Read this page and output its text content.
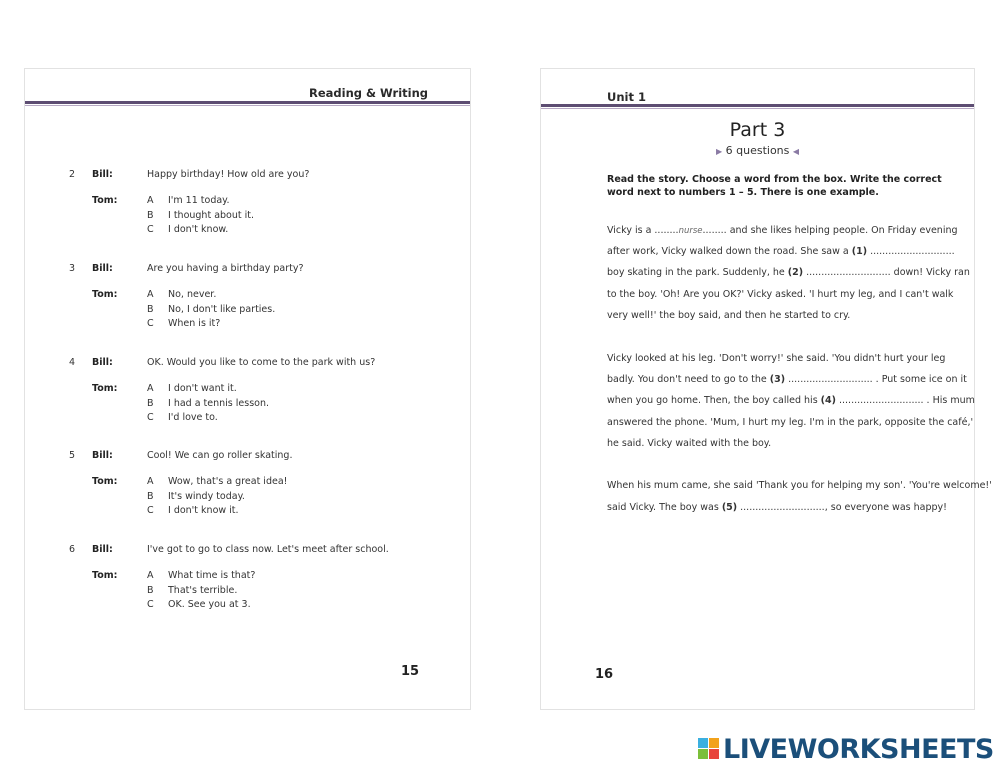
Reading & Writing
2 Bill:	Happy birthday! How old are you?
Tom:	A I'm 11 today.
B I thought about it.
C I don't know.
3 Bill:	Are you having a birthday party?
Tom:	A No, never.
B No, I don't like parties.
C When is it?
4 Bill:	OK. Would you like to come to the park with us?
Tom:	A I don't want it.
B I had a tennis lesson.
C I'd love to.
5 Bill:	Cool! We can go roller skating.
Tom:	A Wow, that's a great idea!
B It's windy today.
C I don't know it.
6 Bill:	I've got to go to class now. Let's meet after school.
Tom:	A What time is that?
B That's terrible.
C OK. See you at 3.
15
Unit 1
Part 3
▶ 6 questions ◀
Read the story. Choose a word from the box. Write the correct word next to numbers 1 – 5. There is one example.
Vicky is a ........nurse........ and she likes helping people. On Friday evening
after work, Vicky walked down the road. She saw a (1) ............................
boy skating in the park. Suddenly, he (2) ............................ down! Vicky ran
to the boy. 'Oh! Are you OK?' Vicky asked. 'I hurt my leg, and I can't walk
very well!' the boy said, and then he started to cry.
Vicky looked at his leg. 'Don't worry!' she said. 'You didn't hurt your leg
badly. You don't need to go to the (3) ............................ . Put some ice on it
when you go home. Then, the boy called his (4) ............................ . His mum
answered the phone. 'Mum, I hurt my leg. I'm in the park, opposite the café,'
he said. Vicky waited with the boy.
When his mum came, she said 'Thank you for helping my son'. 'You're welcome!'
said Vicky. The boy was (5) ............................, so everyone was happy!
16
LIVEWORKSHEETS
